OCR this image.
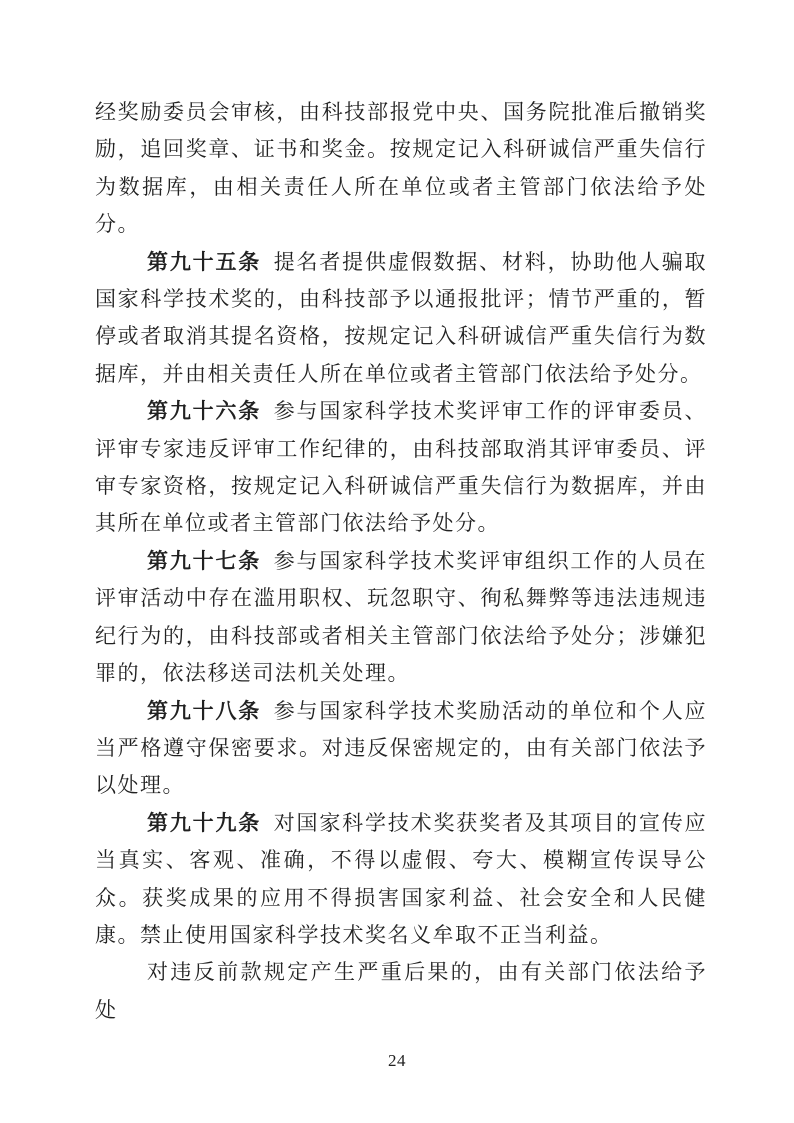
经奖励委员会审核，由科技部报党中央、国务院批准后撤销奖励，追回奖章、证书和奖金。按规定记入科研诚信严重失信行为数据库，由相关责任人所在单位或者主管部门依法给予处分。

第九十五条 提名者提供虚假数据、材料，协助他人骗取国家科学技术奖的，由科技部予以通报批评；情节严重的，暂停或者取消其提名资格，按规定记入科研诚信严重失信行为数据库，并由相关责任人所在单位或者主管部门依法给予处分。

第九十六条 参与国家科学技术奖评审工作的评审委员、评审专家违反评审工作纪律的，由科技部取消其评审委员、评审专家资格，按规定记入科研诚信严重失信行为数据库，并由其所在单位或者主管部门依法给予处分。

第九十七条 参与国家科学技术奖评审组织工作的人员在评审活动中存在滥用职权、玩忽职守、徇私舞弊等违法违规违纪行为的，由科技部或者相关主管部门依法给予处分；涉嫌犯罪的，依法移送司法机关处理。

第九十八条 参与国家科学技术奖励活动的单位和个人应当严格遵守保密要求。对违反保密规定的，由有关部门依法予以处理。

第九十九条 对国家科学技术奖获奖者及其项目的宣传应当真实、客观、准确，不得以虚假、夸大、模糊宣传误导公众。获奖成果的应用不得损害国家利益、社会安全和人民健康。禁止使用国家科学技术奖名义牟取不正当利益。

对违反前款规定产生严重后果的，由有关部门依法给予处

24
